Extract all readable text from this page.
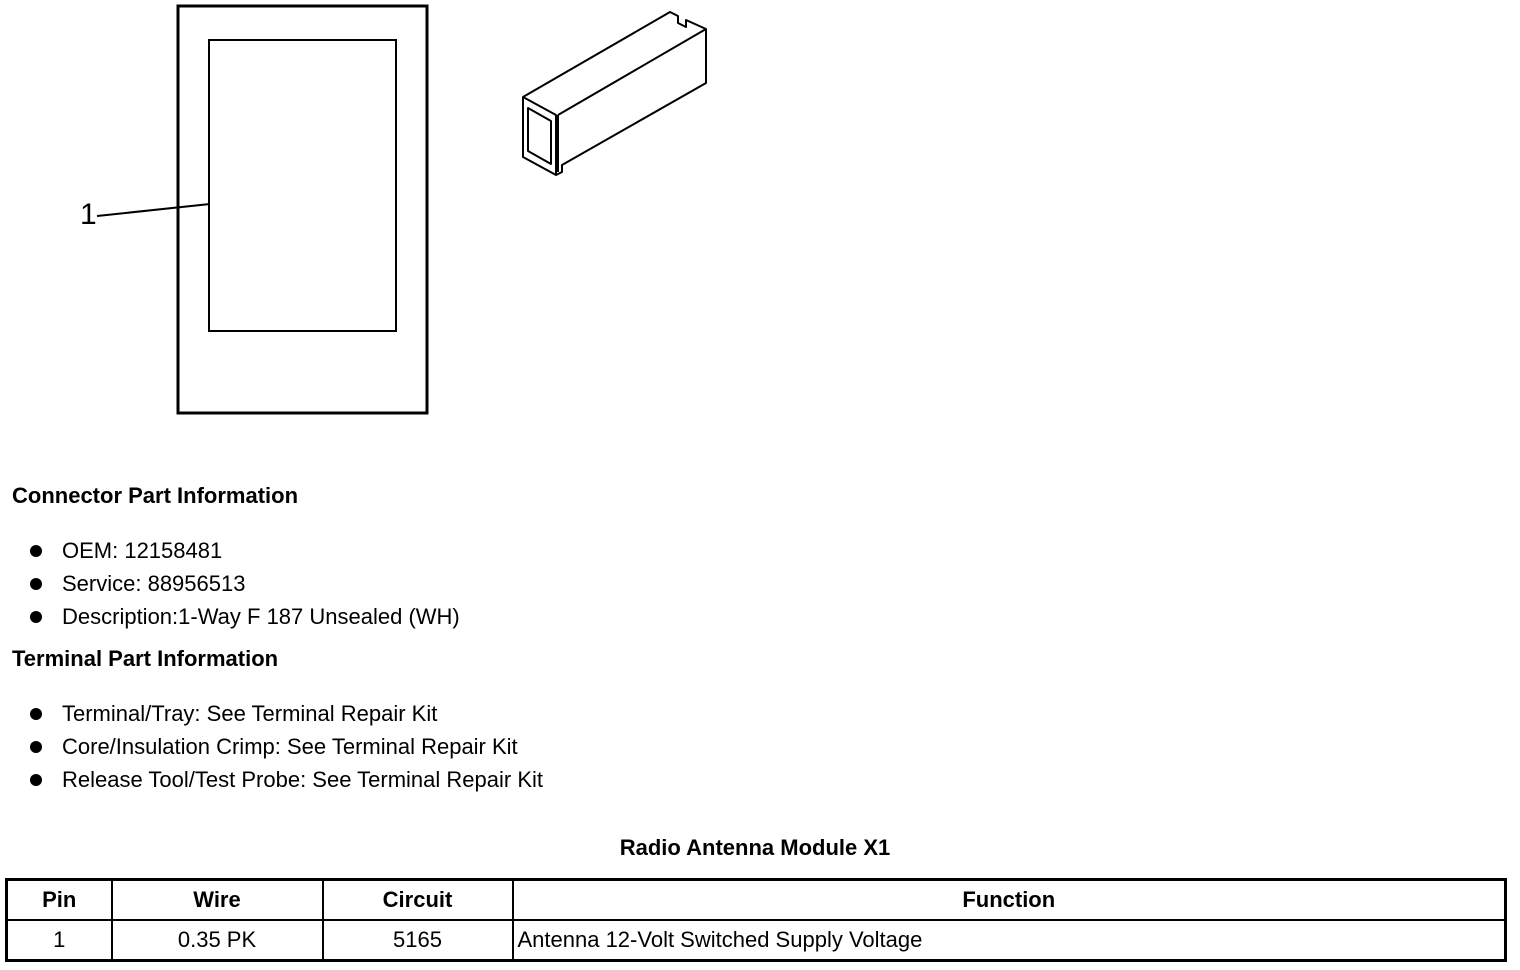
1
Connector Part Information
OEM: 12158481
Service: 88956513
Description:1-Way F 187 Unsealed (WH)
Terminal Part Information
Terminal/Tray: See Terminal Repair Kit
Core/Insulation Crimp: See Terminal Repair Kit
Release Tool/Test Probe: See Terminal Repair Kit
Radio Antenna Module X1
Pin	Wire	Circuit	Function
1	0.35 PK	5165	Antenna 12-Volt Switched Supply Voltage
